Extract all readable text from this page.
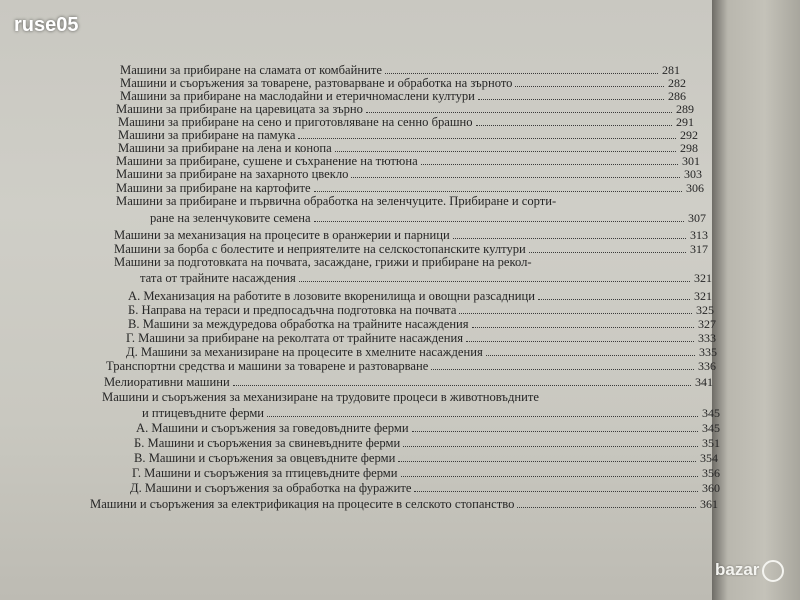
Машини за прибиране на сламата от комбайните	281
Машини и съоръжения за товарене, разтоварване и обработка на зърното	282
Машини за прибиране на маслодайни и етеричномаслени култури	286
Машини за прибиране на царевицата за зърно	289
Машини за прибиране на сено и приготовляване на сенно брашно	291
Машини за прибиране на памука	292
Машини за прибиране на лена и конопа	298
Машини за прибиране, сушене и съхранение на тютюна	301
Машини за прибиране на захарното цвекло	303
Машини за прибиране на картофите	306
Машини за прибиране и първична обработка на зеленчуците. Прибиране и сорти-
ране на зеленчуковите семена	307
Машини за механизация на процесите в оранжерии и парници	313
Машини за борба с болестите и неприятелите на селскостопанските култури	317
Машини за подготовката на почвата, засаждане, грижи и прибиране на рекол-
тата от трайните насаждения	321
А. Механизация на работите в лозовите вкоренилища и овощни разсадници	321
Б. Направа на тераси и предпосадъчна подготовка на почвата	325
В. Машини за междуредова обработка на трайните насаждения	327
Г. Машини за прибиране на реколтата от трайните насаждения	333
Д. Машини за механизиране на процесите в хмелните насаждения	335
Транспортни средства и машини за товарене и разтоварване	336
Мелиоративни машини	341
Машини и съоръжения за механизиране на трудовите процеси в животновъдните
и птицевъдните ферми	345
А. Машини и съоръжения за говедовъдните ферми	345
Б. Машини и съоръжения за свиневъдните ферми	351
В. Машини и съоръжения за овцевъдните ферми	354
Г. Машини и съоръжения за птицевъдните ферми	356
Д. Машини и съоръжения за обработка на фуражите	360
Машини и съоръжения за електрификация на процесите в селското стопанство	361
ruse05
bazar
